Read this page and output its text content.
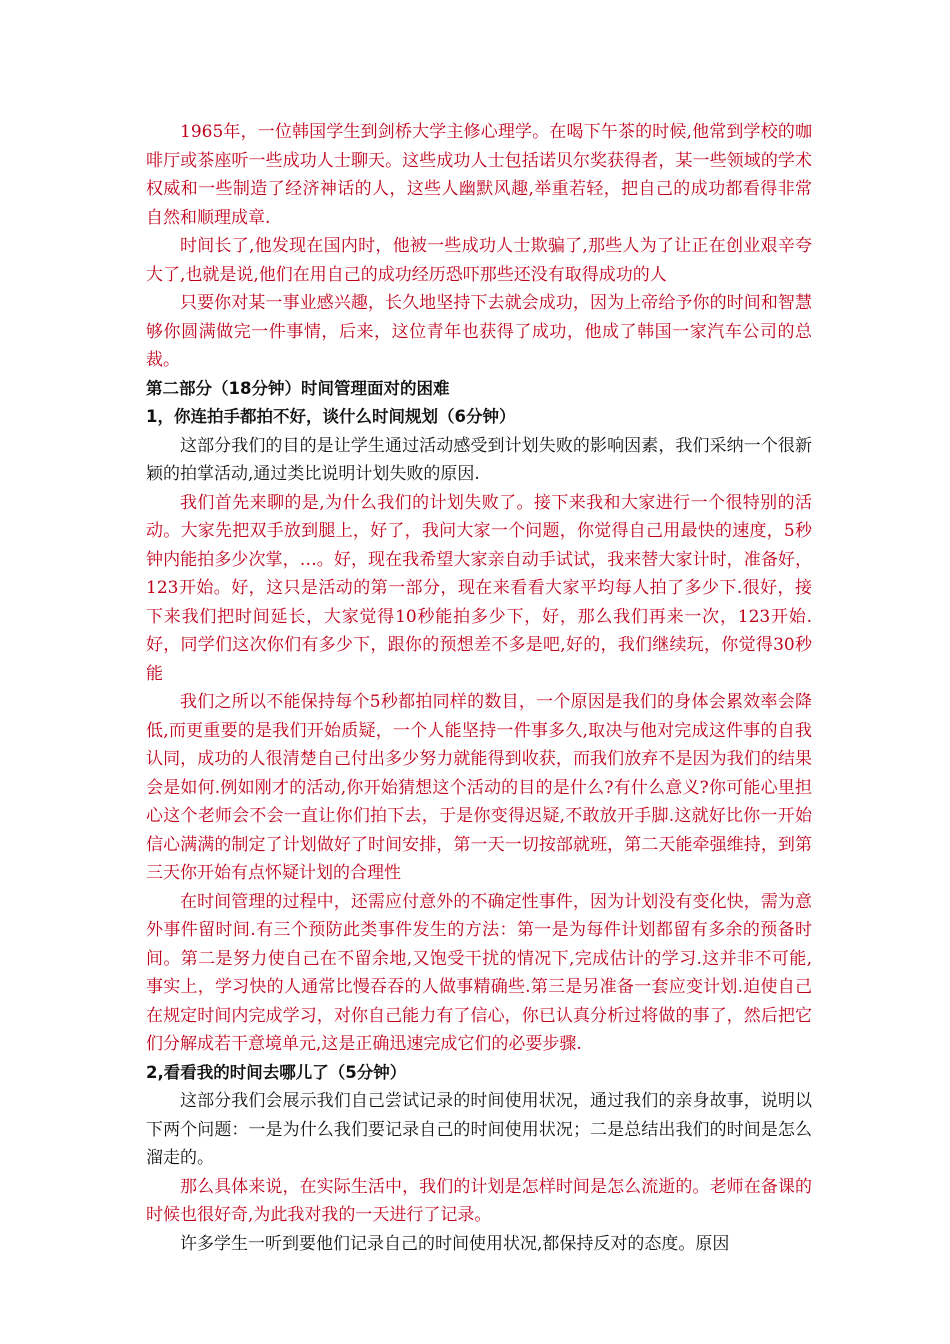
1965年，一位韩国学生到剑桥大学主修心理学。在喝下午茶的时候,他常到学校的咖啡厅或茶座听一些成功人士聊天。这些成功人士包括诺贝尔奖获得者，某一些领域的学术权威和一些制造了经济神话的人，这些人幽默风趣,举重若轻，把自己的成功都看得非常自然和顺理成章.

时间长了,他发现在国内时，他被一些成功人士欺骗了,那些人为了让正在创业艰辛夸大了,也就是说,他们在用自己的成功经历恐吓那些还没有取得成功的人

只要你对某一事业感兴趣，长久地坚持下去就会成功，因为上帝给予你的时间和智慧够你圆满做完一件事情，后来，这位青年也获得了成功，他成了韩国一家汽车公司的总裁。

第二部分（18分钟）时间管理面对的困难

1，你连拍手都拍不好，谈什么时间规划（6分钟）

这部分我们的目的是让学生通过活动感受到计划失败的影响因素，我们采纳一个很新颖的拍掌活动,通过类比说明计划失败的原因.

我们首先来聊的是,为什么我们的计划失败了。接下来我和大家进行一个很特别的活动。大家先把双手放到腿上，好了，我问大家一个问题，你觉得自己用最快的速度，5秒钟内能拍多少次掌，…。好，现在我希望大家亲自动手试试，我来替大家计时，准备好，123开始。好，这只是活动的第一部分，现在来看看大家平均每人拍了多少下.很好，接下来我们把时间延长，大家觉得10秒能拍多少下，好，那么我们再来一次，123开始.好，同学们这次你们有多少下，跟你的预想差不多是吧,好的，我们继续玩，你觉得30秒能

我们之所以不能保持每个5秒都拍同样的数目，一个原因是我们的身体会累效率会降低,而更重要的是我们开始质疑，一个人能坚持一件事多久,取决与他对完成这件事的自我认同，成功的人很清楚自己付出多少努力就能得到收获，而我们放弃不是因为我们的结果会是如何.例如刚才的活动,你开始猜想这个活动的目的是什么?有什么意义?你可能心里担心这个老师会不会一直让你们拍下去，于是你变得迟疑,不敢放开手脚.这就好比你一开始信心满满的制定了计划做好了时间安排，第一天一切按部就班，第二天能牵强维持，到第三天你开始有点怀疑计划的合理性

在时间管理的过程中，还需应付意外的不确定性事件，因为计划没有变化快，需为意外事件留时间.有三个预防此类事件发生的方法：第一是为每件计划都留有多余的预备时间。第二是努力使自己在不留余地,又饱受干扰的情况下,完成估计的学习.这并非不可能,事实上，学习快的人通常比慢吞吞的人做事精确些.第三是另准备一套应变计划.迫使自己在规定时间内完成学习，对你自己能力有了信心，你已认真分析过将做的事了，然后把它们分解成若干意境单元,这是正确迅速完成它们的必要步骤.

2,看看我的时间去哪儿了（5分钟）

这部分我们会展示我们自己尝试记录的时间使用状况，通过我们的亲身故事，说明以下两个问题：一是为什么我们要记录自己的时间使用状况；二是总结出我们的时间是怎么溜走的。

那么具体来说，在实际生活中，我们的计划是怎样时间是怎么流逝的。老师在备课的时候也很好奇,为此我对我的一天进行了记录。

许多学生一听到要他们记录自己的时间使用状况,都保持反对的态度。原因
